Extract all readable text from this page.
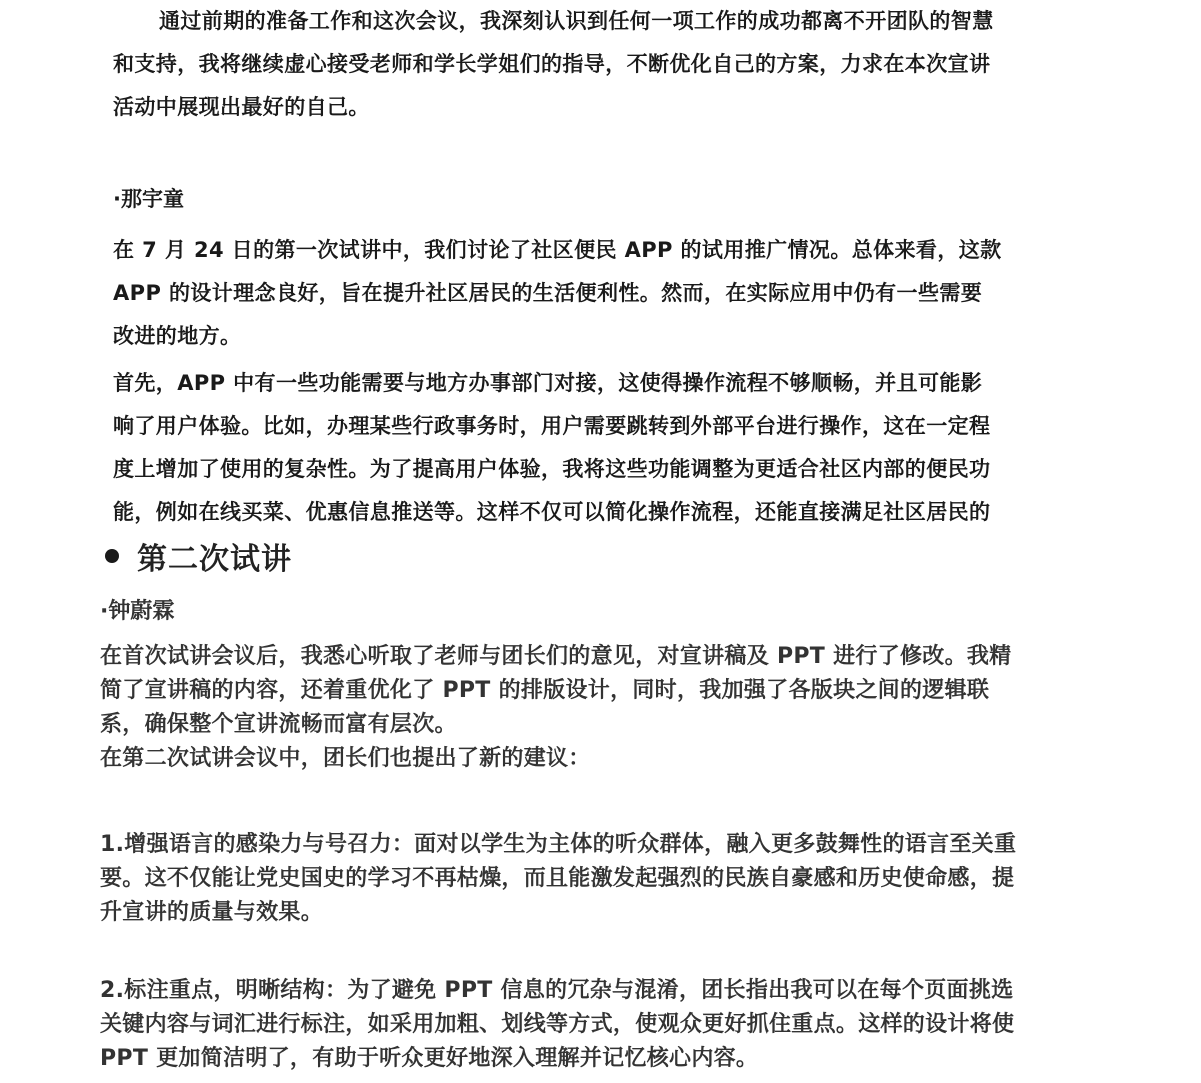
通过前期的准备工作和这次会议，我深刻认识到任何一项工作的成功都离不开团队的智慧
和支持，我将继续虚心接受老师和学长学姐们的指导，不断优化自己的方案，力求在本次宣讲
活动中展现出最好的自己。

·那宇童
在 7 月 24 日的第一次试讲中，我们讨论了社区便民 APP 的试用推广情况。总体来看，这款
APP 的设计理念良好，旨在提升社区居民的生活便利性。然而，在实际应用中仍有一些需要
改进的地方。
首先，APP 中有一些功能需要与地方办事部门对接，这使得操作流程不够顺畅，并且可能影
响了用户体验。比如，办理某些行政事务时，用户需要跳转到外部平台进行操作，这在一定程
度上增加了使用的复杂性。为了提高用户体验，我将这些功能调整为更适合社区内部的便民功
能，例如在线买菜、优惠信息推送等。这样不仅可以简化操作流程，还能直接满足社区居民的
第二次试讲
·钟蔚霖
在首次试讲会议后，我悉心听取了老师与团长们的意见，对宣讲稿及 PPT 进行了修改。我精
简了宣讲稿的内容，还着重优化了 PPT 的排版设计，同时，我加强了各版块之间的逻辑联
系，确保整个宣讲流畅而富有层次。
在第二次试讲会议中，团长们也提出了新的建议：
1.增强语言的感染力与号召力：面对以学生为主体的听众群体，融入更多鼓舞性的语言至关重
要。这不仅能让党史国史的学习不再枯燥，而且能激发起强烈的民族自豪感和历史使命感，提
升宣讲的质量与效果。
2.标注重点，明晰结构：为了避免 PPT 信息的冗杂与混淆，团长指出我可以在每个页面挑选
关键内容与词汇进行标注，如采用加粗、划线等方式，使观众更好抓住重点。这样的设计将使
PPT 更加简洁明了，有助于听众更好地深入理解并记忆核心内容。
